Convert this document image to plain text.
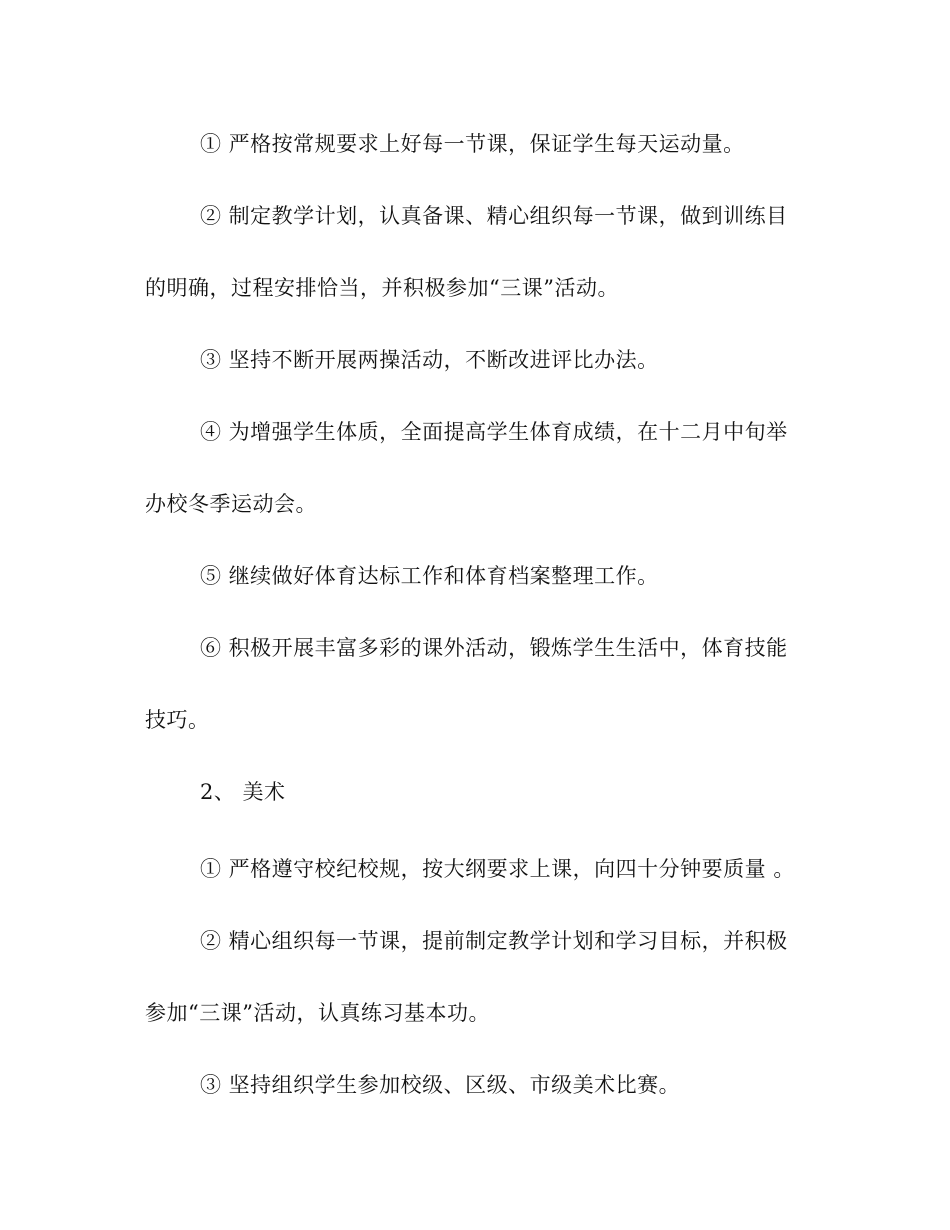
① 严格按常规要求上好每一节课，保证学生每天运动量。
② 制定教学计划，认真备课、精心组织每一节课，做到训练目
的明确，过程安排恰当，并积极参加“三课”活动。
③ 坚持不断开展两操活动，不断改进评比办法。
④ 为增强学生体质，全面提高学生体育成绩，在十二月中旬举
办校冬季运动会。
⑤ 继续做好体育达标工作和体育档案整理工作。
⑥ 积极开展丰富多彩的课外活动，锻炼学生生活中，体育技能
技巧。
2、 美术
① 严格遵守校纪校规，按大纲要求上课，向四十分钟要质量 。
② 精心组织每一节课，提前制定教学计划和学习目标，并积极
参加“三课”活动，认真练习基本功。
③ 坚持组织学生参加校级、区级、市级美术比赛。
